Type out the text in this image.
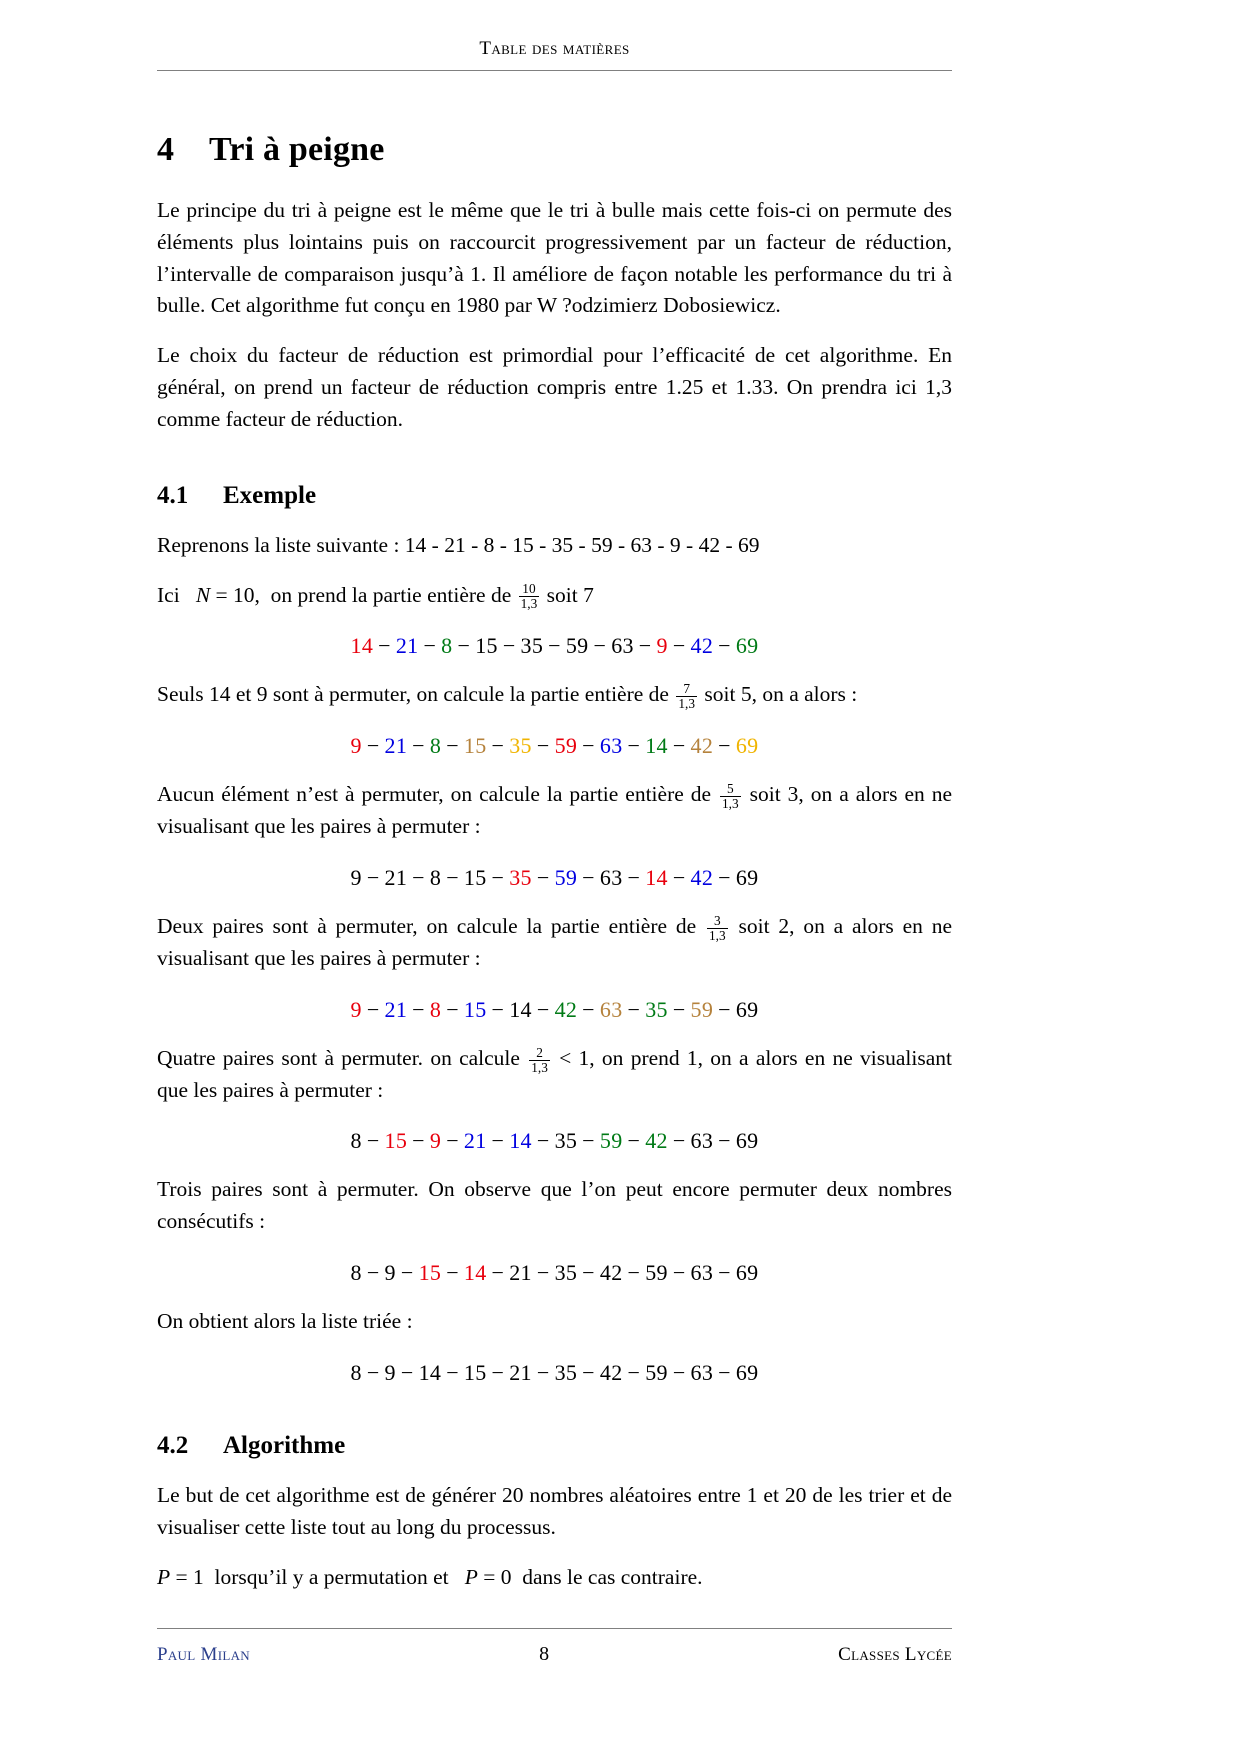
Table des matières
4 Tri à peigne

Le principe du tri à peigne est le même que le tri à bulle mais cette fois-ci on permute des éléments plus lointains puis on raccourcit progressivement par un facteur de réduction, l’intervalle de comparaison jusqu’à 1. Il améliore de façon notable les performance du tri à bulle. Cet algorithme fut conçu en 1980 par W ?odzimierz Dobosiewicz.

Le choix du facteur de réduction est primordial pour l’efficacité de cet algorithme. En général, on prend un facteur de réduction compris entre 1.25 et 1.33. On prendra ici 1,3 comme facteur de réduction.

4.1 Exemple

Reprenons la liste suivante : 14 - 21 - 8 - 15 - 35 - 59 - 63 - 9 - 42 - 69

Ici N = 10, on prend la partie entière de $\frac{10}{1,3}$ soit 7

14 − 21 − 8 − 15 − 35 − 59 − 63 − 9 − 42 − 69

Seuls 14 et 9 sont à permuter, on calcule la partie entière de $\frac{7}{1,3}$ soit 5, on a alors :

9 − 21 − 8 − 15 − 35 − 59 − 63 − 14 − 42 − 69

Aucun élément n’est à permuter, on calcule la partie entière de $\frac{5}{1,3}$ soit 3, on a alors en ne visualisant que les paires à permuter :

9 − 21 − 8 − 15 − 35 − 59 − 63 − 14 − 42 − 69

Deux paires sont à permuter, on calcule la partie entière de $\frac{3}{1,3}$ soit 2, on a alors en ne visualisant que les paires à permuter :

9 − 21 − 8 − 15 − 14 − 42 − 63 − 35 − 59 − 69

Quatre paires sont à permuter. on calcule $\frac{2}{1,3} < 1$, on prend 1, on a alors en ne visualisant que les paires à permuter :

8 − 15 − 9 − 21 − 14 − 35 − 59 − 42 − 63 − 69

Trois paires sont à permuter. On observe que l’on peut encore permuter deux nombres consécutifs :

8 − 9 − 15 − 14 − 21 − 35 − 42 − 59 − 63 − 69

On obtient alors la liste triée :

8 − 9 − 14 − 15 − 21 − 35 − 42 − 59 − 63 − 69
4.2 Algorithme

Le but de cet algorithme est de générer 20 nombres aléatoires entre 1 et 20 de les trier et de visualiser cette liste tout au long du processus.

P = 1 lorsqu’il y a permutation et P = 0 dans le cas contraire.

Paul Milan	8	Classes Lycée
